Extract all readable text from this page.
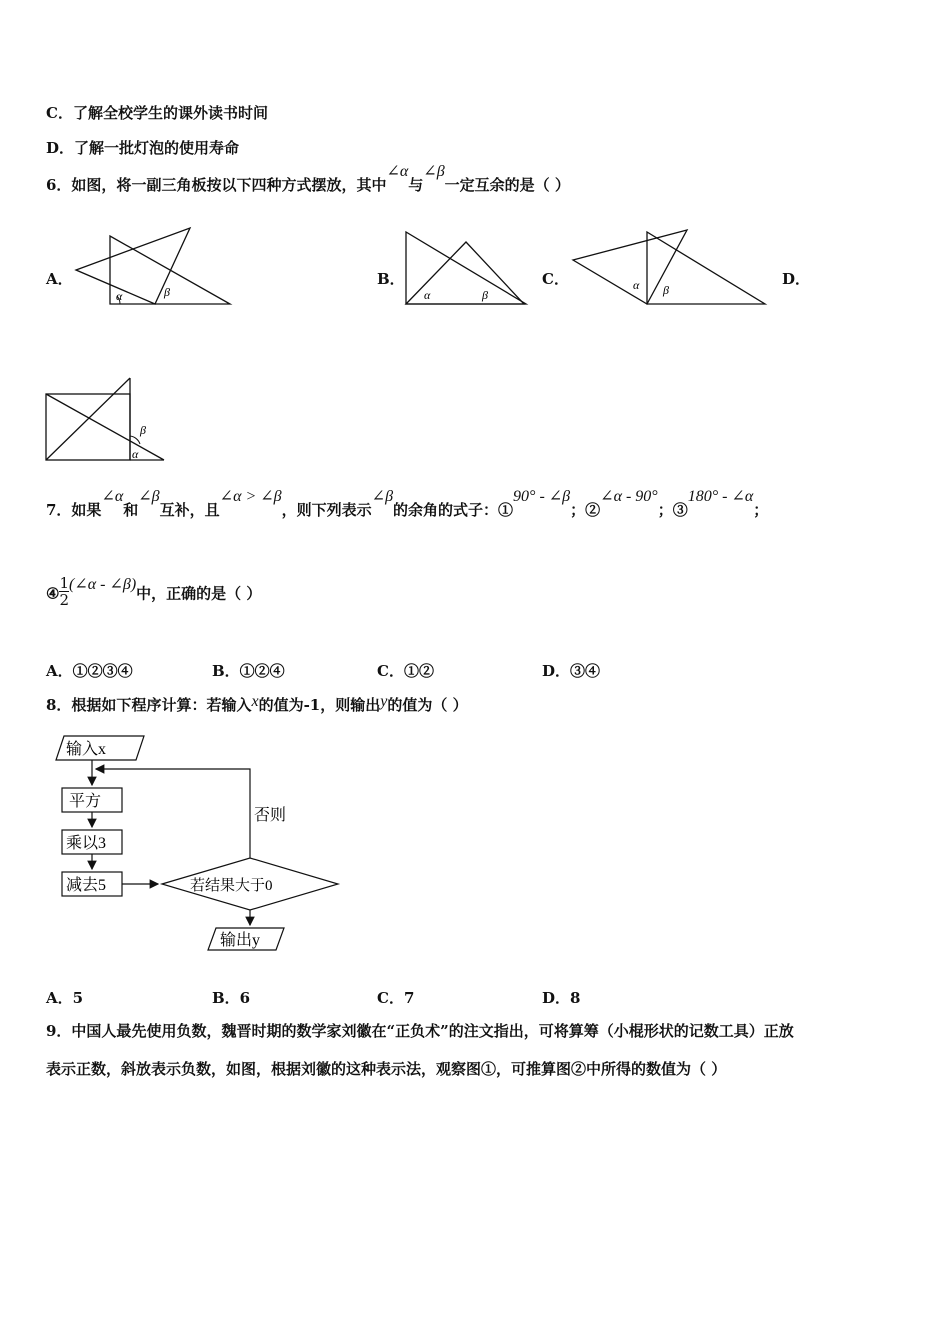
C．了解全校学生的课外读书时间
D．了解一批灯泡的使用寿命
6．如图，将一副三角板按以下四种方式摆放，其中∠α与∠β一定互余的是（ ）
A．
α	β
B．
α	β
C．	α β
D．
β
α
7．如果∠α和∠β互补，且∠α > ∠β，则下列表示∠β的余角的式子：①90° - ∠β；②∠α - 90°；③180° - ∠α；
④ $\frac{1}{2}$ (∠α - ∠β)中，正确的是（ ）
A．①②③④	B．①②④	C．①②	D．③④
8．根据如下程序计算：若输入x的值为-1，则输出y的值为（ ）
输入x
平方
乘以3
减去5	若结果大于0
否则
输出y
A．5	B．6	C．7	D．8
9．中国人最先使用负数，魏晋时期的数学家刘徽在“正负术”的注文指出，可将算筹（小棍形状的记数工具）正放
表示正数，斜放表示负数，如图，根据刘徽的这种表示法，观察图①，可推算图②中所得的数值为（ ）
